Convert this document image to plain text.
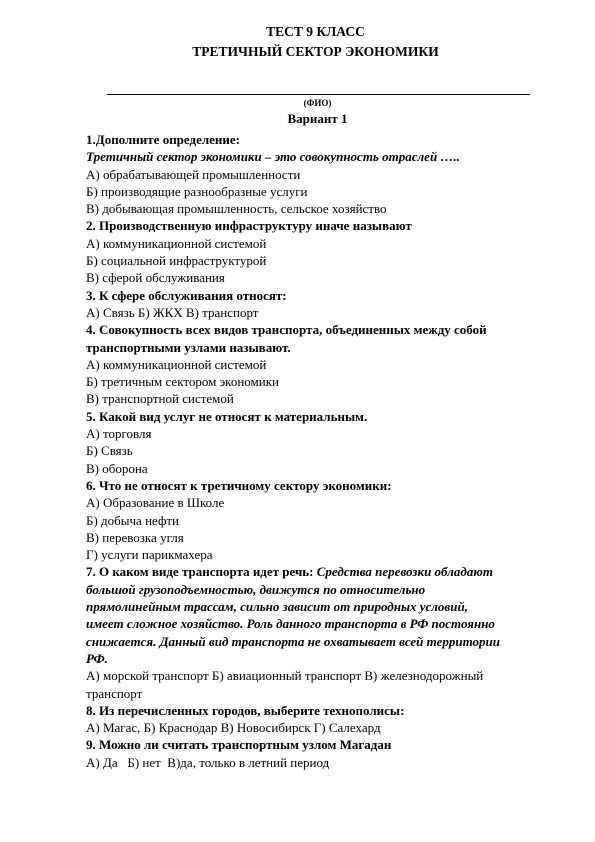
ТЕСТ 9 КЛАСС
ТРЕТИЧНЫЙ СЕКТОР ЭКОНОМИКИ
(ФИО)
Вариант 1
1.Дополните определение:
Третичный сектор экономики – это совокупность отраслей …..
А) обрабатывающей промышленности
Б) производящие разнообразные услуги
В) добывающая промышленность, сельское хозяйство
2. Производственную инфраструктуру иначе называют
А) коммуникационной системой
Б) социальной инфраструктурой
В) сферой обслуживания
3. К сфере обслуживания относят:
А) Связь Б) ЖКХ В) транспорт
4. Совокупность всех видов транспорта, объединенных между собой
транспортными узлами называют.
А) коммуникационной системой
Б) третичным сектором экономики
В) транспортной системой
5. Какой вид услуг не относят к материальным.
А) торговля
Б) Связь
В) оборона
6. Что не относят к третичному сектору экономики:
А) Образование в Школе
Б) добыча нефти
В) перевозка угля
Г) услуги парикмахера
7. О каком виде транспорта идет речь: Средства перевозки обладают
большой грузоподъемностью, движутся по относительно
прямолинейным трассам, сильно зависит от природных условий,
имеет сложное хозяйство. Роль данного транспорта в РФ постоянно
снижается. Данный вид транспорта не охватывает всей территории
РФ.
А) морской транспорт Б) авиационный транспорт В) железнодорожный
транспорт
8. Из перечисленных городов, выберите технополисы:
А) Магас, Б) Краснодар В) Новосибирск Г) Салехард
9. Можно ли считать транспортным узлом Магадан
А) Да   Б) нет  В)да, только в летний период
